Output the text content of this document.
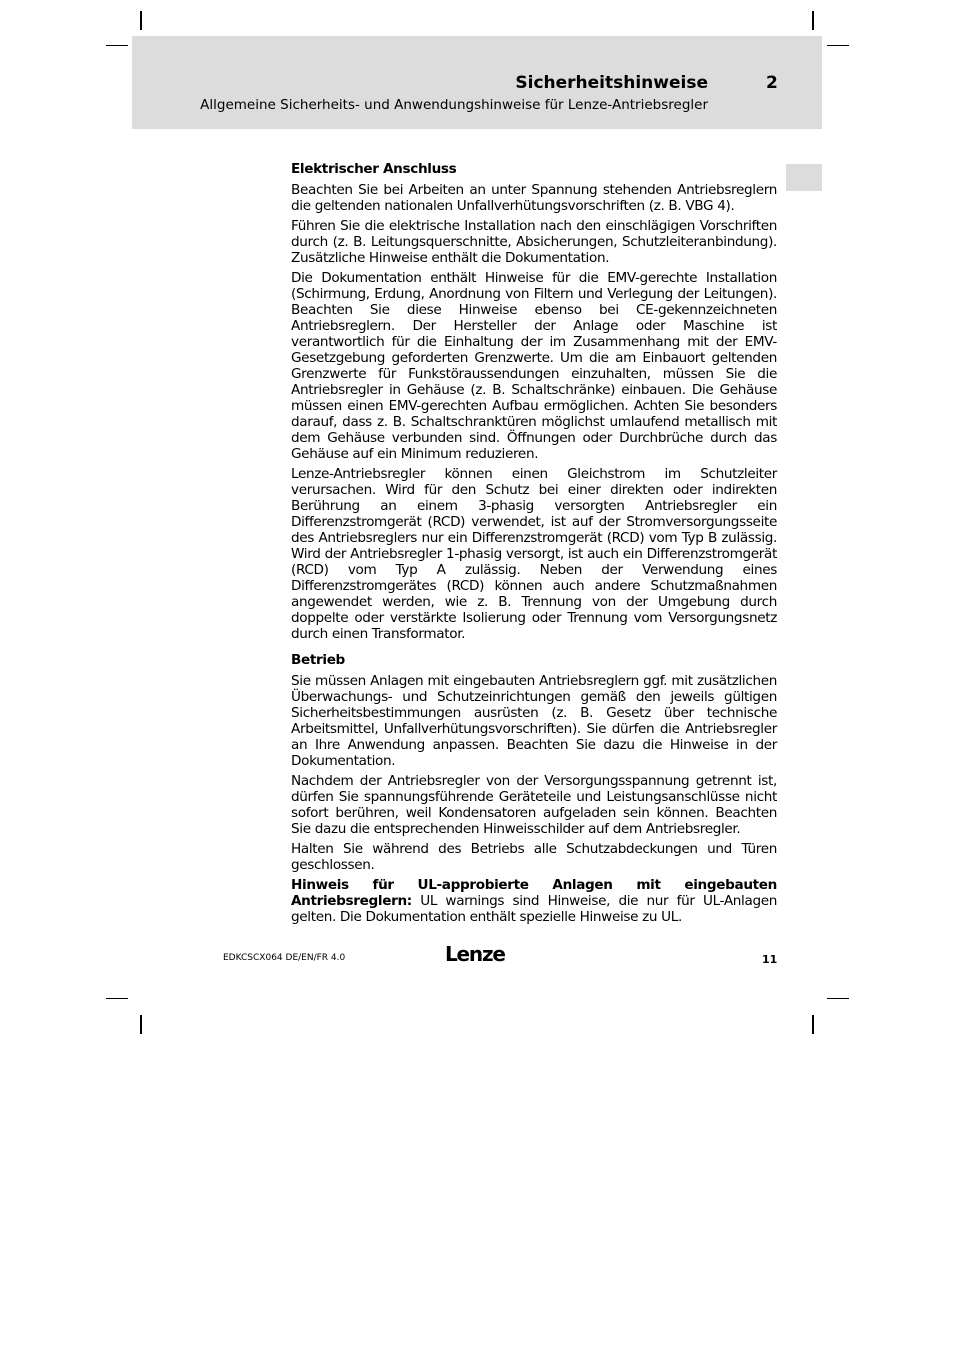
Sicherheitshinweise	2
Allgemeine Sicherheits- und Anwendungshinweise für Lenze-Antriebsregler
Elektrischer Anschluss

Beachten Sie bei Arbeiten an unter Spannung stehenden Antriebsreglern die geltenden nationalen Unfallverhütungsvorschriften (z. B. VBG 4).

Führen Sie die elektrische Installation nach den einschlägigen Vorschriften durch (z. B. Leitungsquerschnitte, Absicherungen, Schutzleiteranbindung). Zusätzliche Hinweise enthält die Dokumentation.

Die Dokumentation enthält Hinweise für die EMV-gerechte Installation (Schirmung, Erdung, Anordnung von Filtern und Verlegung der Leitungen). Beachten Sie diese Hinweise ebenso bei CE-gekennzeichneten Antriebsreglern. Der Hersteller der Anlage oder Maschine ist verantwortlich für die Einhaltung der im Zusammenhang mit der EMV-Gesetzgebung geforderten Grenzwerte. Um die am Einbauort geltenden Grenzwerte für Funkstöraussendungen einzuhalten, müssen Sie die Antriebsregler in Gehäuse (z. B. Schaltschränke) einbauen. Die Gehäuse müssen einen EMV-gerechten Aufbau ermöglichen. Achten Sie besonders darauf, dass z. B. Schaltschranktüren möglichst umlaufend metallisch mit dem Gehäuse verbunden sind. Öffnungen oder Durchbrüche durch das Gehäuse auf ein Minimum reduzieren.

Lenze-Antriebsregler können einen Gleichstrom im Schutzleiter verursachen. Wird für den Schutz bei einer direkten oder indirekten Berührung an einem 3-phasig versorgten Antriebsregler ein Differenzstromgerät (RCD) verwendet, ist auf der Stromversorgungsseite des Antriebsreglers nur ein Differenzstromgerät (RCD) vom Typ B zulässig. Wird der Antriebsregler 1-phasig versorgt, ist auch ein Differenzstromgerät (RCD) vom Typ A zulässig. Neben der Verwendung eines Differenzstromgerätes (RCD) können auch andere Schutzmaßnahmen angewendet werden, wie z. B. Trennung von der Umgebung durch doppelte oder verstärkte Isolierung oder Trennung vom Versorgungsnetz durch einen Transformator.

Betrieb

Sie müssen Anlagen mit eingebauten Antriebsreglern ggf. mit zusätzlichen Überwachungs- und Schutzeinrichtungen gemäß den jeweils gültigen Sicherheitsbestimmungen ausrüsten (z. B. Gesetz über technische Arbeitsmittel, Unfallverhütungsvorschriften). Sie dürfen die Antriebsregler an Ihre Anwendung anpassen. Beachten Sie dazu die Hinweise in der Dokumentation.

Nachdem der Antriebsregler von der Versorgungsspannung getrennt ist, dürfen Sie spannungsführende Geräteteile und Leistungsanschlüsse nicht sofort berühren, weil Kondensatoren aufgeladen sein können. Beachten Sie dazu die entsprechenden Hinweisschilder auf dem Antriebsregler.

Halten Sie während des Betriebs alle Schutzabdeckungen und Türen geschlossen.

Hinweis für UL-approbierte Anlagen mit eingebauten Antriebsreglern: UL warnings sind Hinweise, die nur für UL-Anlagen gelten. Die Dokumentation enthält spezielle Hinweise zu UL.

EDKCSCX064 DE/EN/FR 4.0	Lenze	11
